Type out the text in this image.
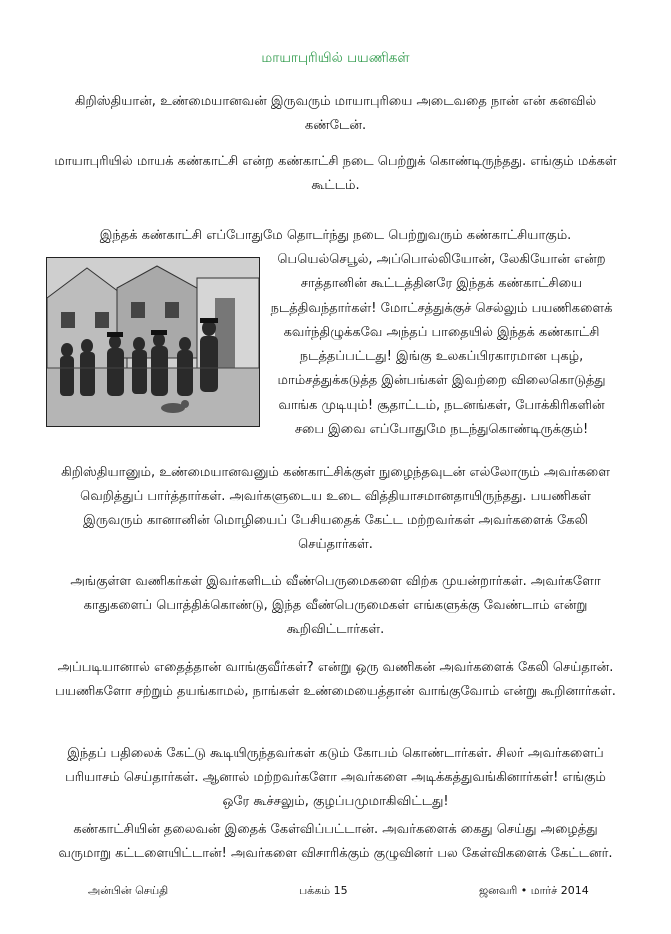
மாயாபுரியில் பயணிகள்

கிறிஸ்தியான், உண்மையானவன் இருவரும் மாயாபுரியை அடைவதை நான் என் கனவில் கண்டேன்.

மாயாபுரியில் மாயக் கண்காட்சி என்ற கண்காட்சி நடை பெற்றுக் கொண்டிருந்தது. எங்கும் மக்கள் கூட்டம்.

இந்தக் கண்காட்சி எப்போதுமே தொடர்ந்து நடை பெற்றுவரும் கண்காட்சியாகும்.

பெயெல்செபூல், அப்பொல்லியோன், லேகியோன் என்ற சாத்தானின் கூட்டத்தினரே இந்தக் கண்காட்சியை நடத்திவந்தார்கள்! மோட்சத்துக்குச் செல்லும் பயணிகளைக் கவர்ந்திழுக்கவே அந்தப் பாதையில் இந்தக் கண்காட்சி நடத்தப்பட்டது! இங்கு உலகப்பிரகாரமான புகழ், மாம்சத்துக்கடுத்த இன்பங்கள் இவற்றை விலைகொடுத்து வாங்க முடியும்! சூதாட்டம், நடனங்கள், போக்கிரிகளின் சபை இவை எப்போதுமே நடந்துகொண்டிருக்கும்!

கிறிஸ்தியானும், உண்மையானவனும் கண்காட்சிக்குள் நுழைந்தவுடன் எல்லோரும் அவர்களை வெறித்துப் பார்த்தார்கள். அவர்களுடைய உடை வித்தியாசமானதாயிருந்தது. பயணிகள் இருவரும் கானானின் மொழியைப் பேசியதைக் கேட்ட மற்றவர்கள் அவர்களைக் கேலி செய்தார்கள்.

அங்குள்ள வணிகர்கள் இவர்களிடம் வீண்பெருமைகளை விற்க முயன்றார்கள். அவர்களோ காதுகளைப் பொத்திக்கொண்டு, இந்த வீண்பெருமைகள் எங்களுக்கு வேண்டாம் என்று கூறிவிட்டார்கள்.

அப்படியானால் எதைத்தான் வாங்குவீர்கள்? என்று ஒரு வணிகன் அவர்களைக் கேலி செய்தான். பயணிகளோ சற்றும் தயங்காமல், நாங்கள் உண்மையைத்தான் வாங்குவோம் என்று கூறினார்கள்.

இந்தப் பதிலைக் கேட்டு கூடியிருந்தவர்கள் கடும் கோபம் கொண்டார்கள். சிலர் அவர்களைப் பரியாசம் செய்தார்கள். ஆனால் மற்றவர்களோ அவர்களை அடிக்கத்துவங்கினார்கள்! எங்கும் ஒரே கூச்சலும், குழப்பமுமாகிவிட்டது!

கண்காட்சியின் தலைவன் இதைக் கேள்விப்பட்டான். அவர்களைக் கைது செய்து அழைத்து வருமாறு கட்டளையிட்டான்! அவர்களை விசாரிக்கும் குழுவினர் பல கேள்விகளைக் கேட்டனர்.

அன்பின் செய்தி	பக்கம் 15	ஜனவரி • மார்ச் 2014
